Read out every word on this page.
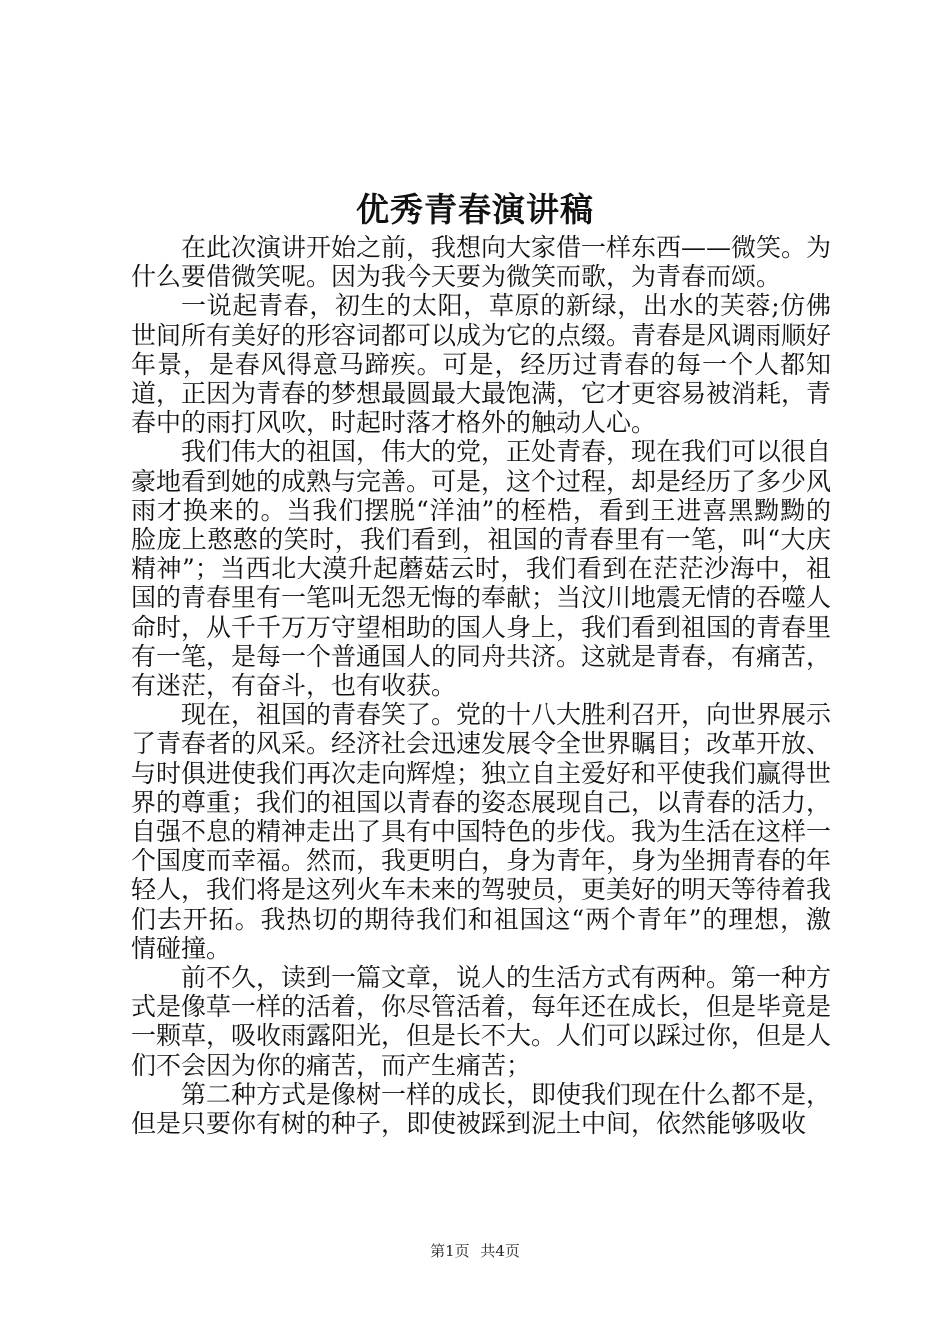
优秀青春演讲稿

在此次演讲开始之前，我想向大家借一样东西——微笑。为什么要借微笑呢。因为我今天要为微笑而歌，为青春而颂。

一说起青春，初生的太阳，草原的新绿，出水的芙蓉;仿佛世间所有美好的形容词都可以成为它的点缀。青春是风调雨顺好年景，是春风得意马蹄疾。可是，经历过青春的每一个人都知道，正因为青春的梦想最圆最大最饱满，它才更容易被消耗，青春中的雨打风吹，时起时落才格外的触动人心。

我们伟大的祖国，伟大的党，正处青春，现在我们可以很自豪地看到她的成熟与完善。可是，这个过程，却是经历了多少风雨才换来的。当我们摆脱“洋油”的桎梏，看到王进喜黑黝黝的脸庞上憨憨的笑时，我们看到，祖国的青春里有一笔，叫“大庆精神”；当西北大漠升起蘑菇云时，我们看到在茫茫沙海中，祖国的青春里有一笔叫无怨无悔的奉献；当汶川地震无情的吞噬人命时，从千千万万守望相助的国人身上，我们看到祖国的青春里有一笔，是每一个普通国人的同舟共济。这就是青春，有痛苦，有迷茫，有奋斗，也有收获。

现在，祖国的青春笑了。党的十八大胜利召开，向世界展示了青春者的风采。经济社会迅速发展令全世界瞩目；改革开放、与时俱进使我们再次走向辉煌；独立自主爱好和平使我们赢得世界的尊重；我们的祖国以青春的姿态展现自己，以青春的活力，自强不息的精神走出了具有中国特色的步伐。我为生活在这样一个国度而幸福。然而，我更明白，身为青年，身为坐拥青春的年轻人，我们将是这列火车未来的驾驶员，更美好的明天等待着我们去开拓。我热切的期待我们和祖国这“两个青年”的理想，激情碰撞。

前不久，读到一篇文章，说人的生活方式有两种。第一种方式是像草一样的活着，你尽管活着，每年还在成长，但是毕竟是一颗草，吸收雨露阳光，但是长不大。人们可以踩过你，但是人们不会因为你的痛苦，而产生痛苦；

第二种方式是像树一样的成长，即使我们现在什么都不是，但是只要你有树的种子，即使被踩到泥土中间，依然能够吸收

第1页 共4页
